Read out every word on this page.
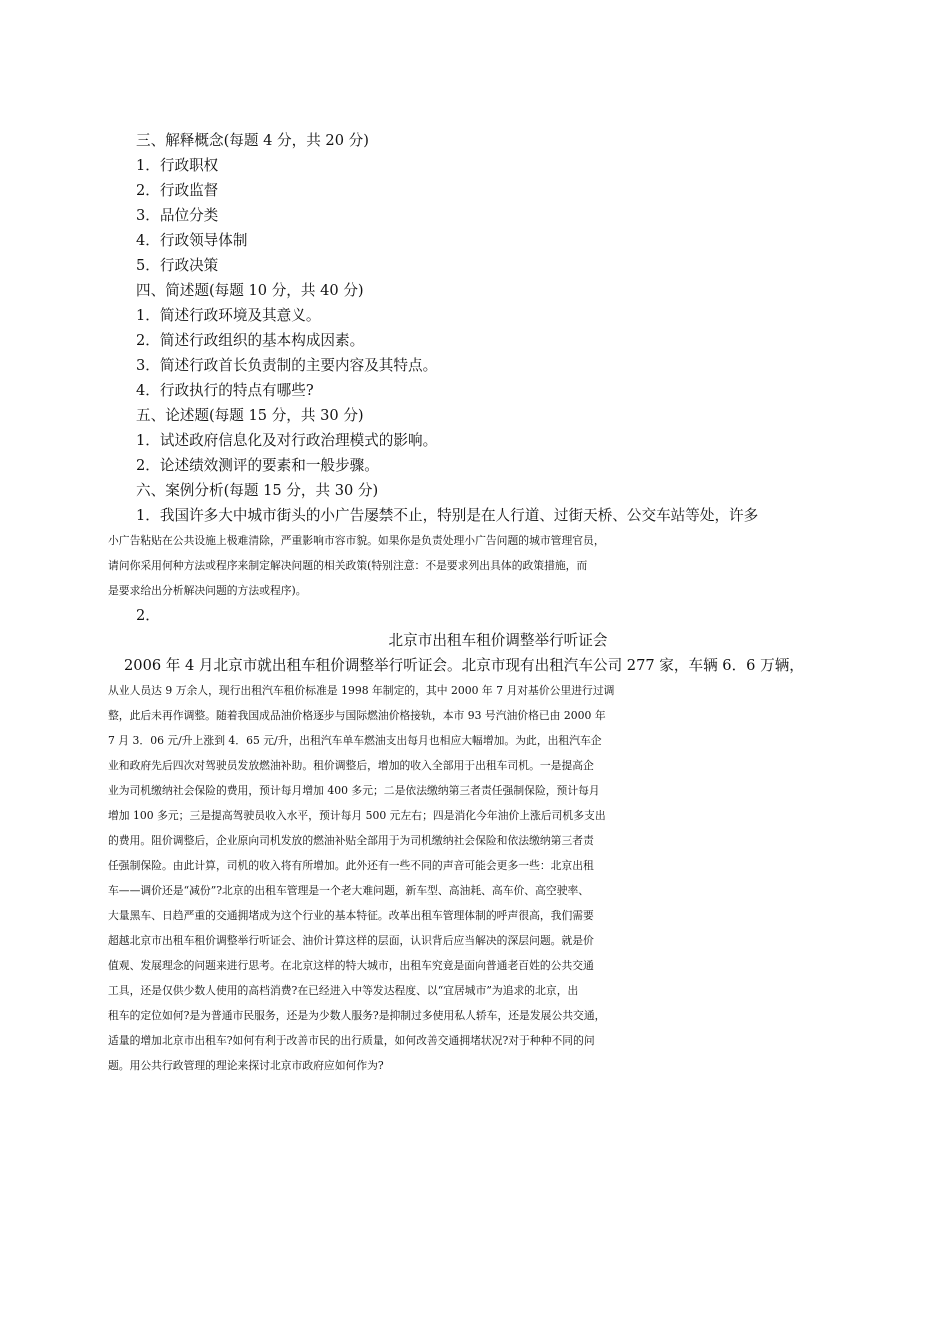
三、解释概念(每题 4 分，共 20 分)

1．行政职权

2．行政监督

3．品位分类

4．行政领导体制

5．行政决策

四、简述题(每题 10 分，共 40 分)

1．简述行政环境及其意义。

2．简述行政组织的基本构成因素。

3．简述行政首长负责制的主要内容及其特点。

4．行政执行的特点有哪些?

五、论述题(每题 15 分，共 30 分)

1．试述政府信息化及对行政治理模式的影响。

2．论述绩效测评的要素和一般步骤。

六、案例分析(每题 15 分，共 30 分)

1．我国许多大中城市街头的小广告屡禁不止，特别是在人行道、过街天桥、公交车站等处，许多

小广告粘贴在公共设施上极难清除，严重影响市容市貌。如果你是负责处理小广告问题的城市管理官员，

请问你采用何种方法或程序来制定解决问题的相关政策(特别注意：不是要求列出具体的政策措施，而

是要求给出分析解决问题的方法或程序)。

2．

北京市出租车租价调整举行听证会

2006 年 4 月北京市就出租车租价调整举行听证会。北京市现有出租汽车公司 277 家，车辆 6．6 万辆，

从业人员达 9 万余人，现行出租汽车租价标准是 1998 年制定的，其中 2000 年 7 月对基价公里进行过调

整，此后未再作调整。随着我国成品油价格逐步与国际燃油价格接轨，本市 93 号汽油价格已由 2000 年

7 月 3．06 元/升上涨到 4．65 元/升，出租汽车单车燃油支出每月也相应大幅增加。为此，出租汽车企

业和政府先后四次对驾驶员发放燃油补助。租价调整后，增加的收入全部用于出租车司机。一是提高企

业为司机缴纳社会保险的费用，预计每月增加 400 多元；二是依法缴纳第三者责任强制保险，预计每月

增加 100 多元；三是提高驾驶员收入水平，预计每月 500 元左右；四是消化今年油价上涨后司机多支出

的费用。阻价调整后，企业原向司机发放的燃油补贴全部用于为司机缴纳社会保险和依法缴纳第三者责

任强制保险。由此计算，司机的收入将有所增加。此外还有一些不同的声音可能会更多一些：北京出租

车——调价还是“减份”?北京的出租车管理是一个老大难问题，新车型、高油耗、高车价、高空驶率、

大量黑车、日趋严重的交通拥堵成为这个行业的基本特征。改革出租车管理体制的呼声很高，我们需要

超越北京市出租车租价调整举行听证会、油价计算这样的层面，认识背后应当解决的深层问题。就是价

值观、发展理念的问题来进行思考。在北京这样的特大城市，出租车究竟是面向普通老百姓的公共交通

工具，还是仅供少数人使用的高档消费?在已经进入中等发达程度、以“宜居城市”为追求的北京，出

租车的定位如何?是为普通市民服务，还是为少数人服务?是抑制过多使用私人轿车，还是发展公共交通，

适量的增加北京市出租车?如何有利于改善市民的出行质量，如何改善交通拥堵状况?对于种种不同的问

题。用公共行政管理的理论来探讨北京市政府应如何作为?
